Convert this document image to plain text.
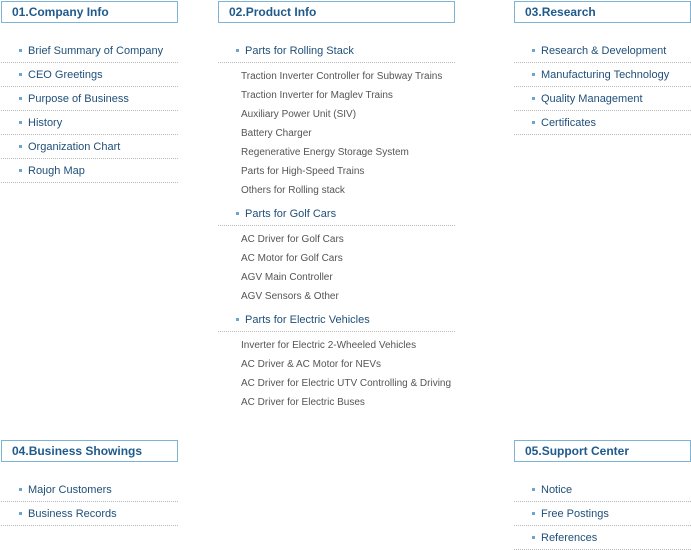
01. Company Info
Brief Summary of Company
CEO Greetings
Purpose of Business
History
Organization Chart
Rough Map
02. Product Info
Parts for Rolling Stack
Traction Inverter Controller for Subway Trains
Traction Inverter for Maglev Trains
Auxiliary Power Unit (SIV)
Battery Charger
Regenerative Energy Storage System
Parts for High-Speed Trains
Others for Rolling stack
Parts for Golf Cars
AC Driver for Golf Cars
AC Motor for Golf Cars
AGV Main Controller
AGV Sensors & Other
Parts for Electric Vehicles
Inverter for Electric 2-Wheeled Vehicles
AC Driver & AC Motor for NEVs
AC Driver for Electric UTV Controlling & Driving
AC Driver for Electric Buses
03. Research
Research & Development
Manufacturing Technology
Quality Management
Certificates
04. Business Showings
Major Customers
Business Records
05. Support Center
Notice
Free Postings
References
